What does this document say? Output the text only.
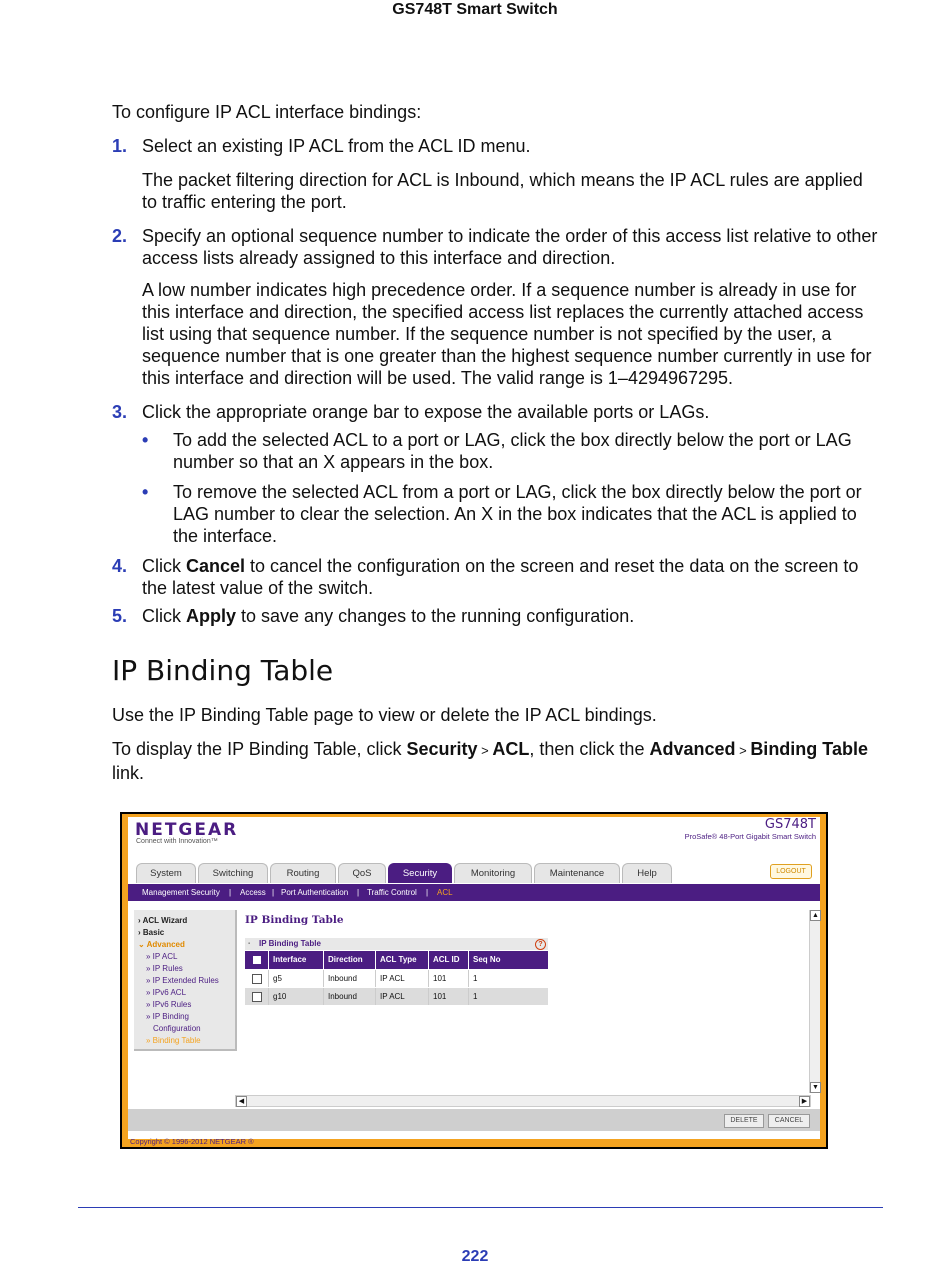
GS748T Smart Switch
To configure IP ACL interface bindings:
1. Select an existing IP ACL from the ACL ID menu.
The packet filtering direction for ACL is Inbound, which means the IP ACL rules are applied to traffic entering the port.
2. Specify an optional sequence number to indicate the order of this access list relative to other access lists already assigned to this interface and direction.
A low number indicates high precedence order. If a sequence number is already in use for this interface and direction, the specified access list replaces the currently attached access list using that sequence number. If the sequence number is not specified by the user, a sequence number that is one greater than the highest sequence number currently in use for this interface and direction will be used. The valid range is 1–4294967295.
3. Click the appropriate orange bar to expose the available ports or LAGs.
• To add the selected ACL to a port or LAG, click the box directly below the port or LAG number so that an X appears in the box.
• To remove the selected ACL from a port or LAG, click the box directly below the port or LAG number to clear the selection. An X in the box indicates that the ACL is applied to the interface.
4. Click Cancel to cancel the configuration on the screen and reset the data on the screen to the latest value of the switch.
5. Click Apply to save any changes to the running configuration.
IP Binding Table
Use the IP Binding Table page to view or delete the IP ACL bindings.
To display the IP Binding Table, click Security > ACL, then click the Advanced > Binding Table link.
NETGEAR
Connect with Innovation™
GS748T
ProSafe® 48-Port Gigabit Smart Switch
System	Switching	Routing	QoS	Security	Monitoring	Maintenance	Help	LOGOUT
Management Security | Access | Port Authentication | Traffic Control | ACL
› ACL Wizard
› Basic
⌄ Advanced
» IP ACL
» IP Rules
» IP Extended Rules
» IPv6 ACL
» IPv6 Rules
» IP Binding
Configuration
» Binding Table
IP Binding Table
▪ IP Binding Table	?
Interface	Direction	ACL Type	ACL ID	Seq No
g5	Inbound	IP ACL	101	1
g10	Inbound	IP ACL	101	1
▲
▼
◀	▶
DELETE	CANCEL
Copyright © 1996-2012 NETGEAR ®
222
